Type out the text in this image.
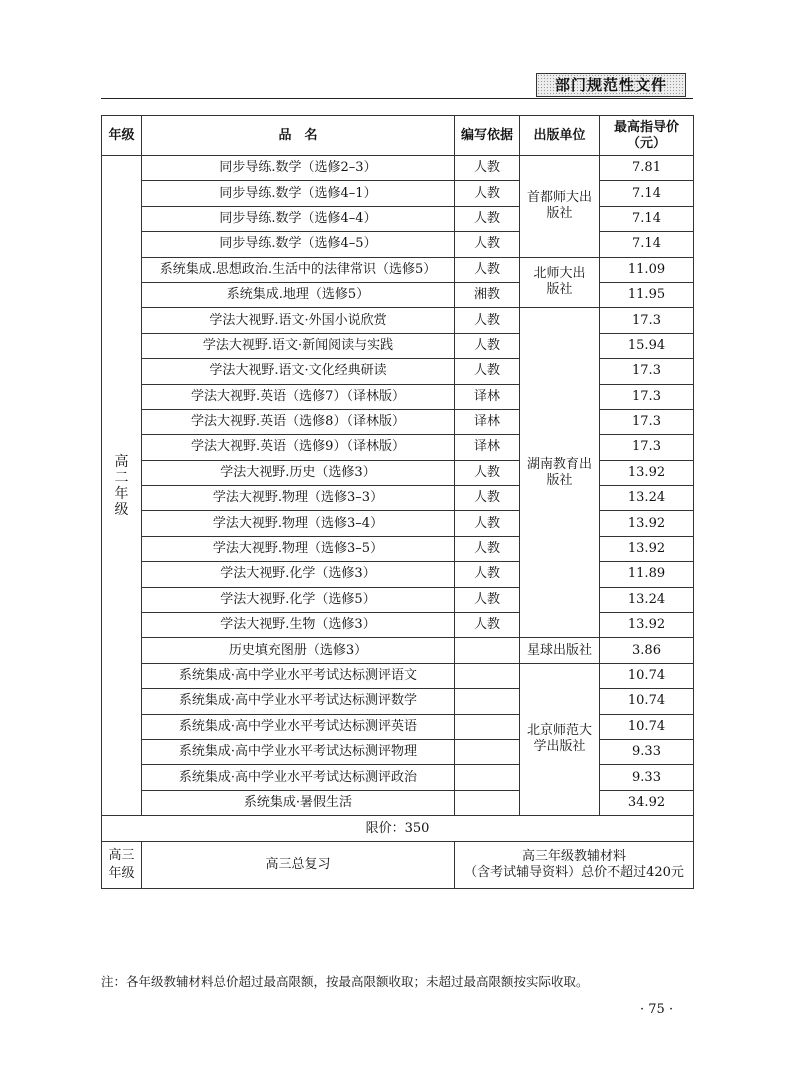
部门规范性文件
年级	品　名	编写依据	出版单位	最高指导价（元）

高
二
年
级	同步导练.数学（选修2–3）	人教	首都师大出版社	7.81
	同步导练.数学（选修4–1）	人教		7.14
	同步导练.数学（选修4–4）	人教		7.14
	同步导练.数学（选修4–5）	人教		7.14
	系统集成.思想政治.生活中的法律常识（选修5）	人教	北师大出版社	11.09
	系统集成.地理（选修5）	湘教		11.95
	学法大视野.语文·外国小说欣赏	人教	湖南教育出版社	17.3
	学法大视野.语文·新闻阅读与实践	人教		15.94
	学法大视野.语文·文化经典研读	人教		17.3
	学法大视野.英语（选修7）（译林版）	译林		17.3
	学法大视野.英语（选修8）（译林版）	译林		17.3
	学法大视野.英语（选修9）（译林版）	译林		17.3
	学法大视野.历史（选修3）	人教		13.92
	学法大视野.物理（选修3–3）	人教		13.24
	学法大视野.物理（选修3–4）	人教		13.92
	学法大视野.物理（选修3–5）	人教		13.92
	学法大视野.化学（选修3）	人教		11.89
	学法大视野.化学（选修5）	人教		13.24
	学法大视野.生物（选修3）	人教		13.92
	历史填充图册（选修3）		星球出版社	3.86
	系统集成·高中学业水平考试达标测评语文		北京师范大学出版社	10.74
	系统集成·高中学业水平考试达标测评数学			10.74
	系统集成·高中学业水平考试达标测评英语			10.74
	系统集成·高中学业水平考试达标测评物理			9.33
	系统集成·高中学业水平考试达标测评政治			9.33
	系统集成·暑假生活			34.92
限价：350				

高三年级	高三总复习	高三年级教辅材料
（含考试辅导资料）总价不超过420元		
注：各年级教辅材料总价超过最高限额，按最高限额收取；未超过最高限额按实际收取。
· 75 ·
